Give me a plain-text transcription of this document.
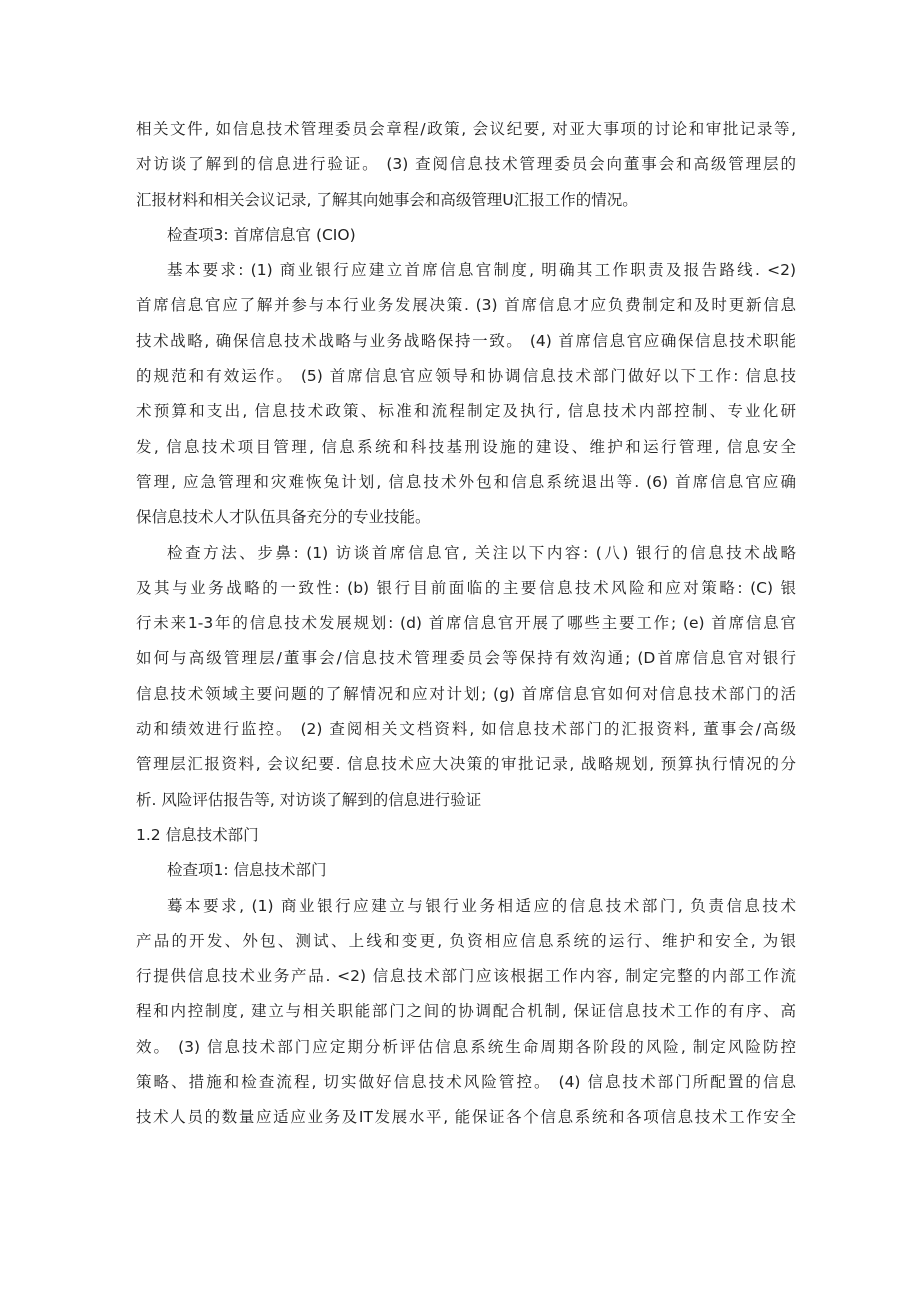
相关文件, 如信息技术管理委员会章程/政策, 会议纪要, 对亚大事项的讨论和审批记录等,
对访谈了解到的信息进行验证。 (3) 查阅信息技术管理委员会向董事会和高级管理层的
汇报材料和相关会议记录, 了解其向她事会和高级管理U汇报工作的情况。
检查项3: 首席信息官 (CIO)
基本要求: (1) 商业银行应建立首席信息官制度, 明确其工作职责及报告路线. <2)
首席信息官应了解并参与本行业务发展决策. (3) 首席信息才应负费制定和及时更新信息
技术战略, 确保信息技术战略与业务战略保持一致。 (4) 首席信息官应确保信息技术职能
的规范和有效运作。 (5) 首席信息官应领导和协调信息技术部门做好以下工作: 信息技
术预算和支出, 信息技术政策、标准和流程制定及执行, 信息技术内部控制、专业化研
发, 信息技术项目管理, 信息系统和科技基刑设施的建设、维护和运行管理, 信息安全
管理, 应急管理和灾难恢兔计划, 信息技术外包和信息系统退出等. (6) 首席信息官应确
保信息技术人才队伍具备充分的专业技能。
检查方法、步鼻: (1) 访谈首席信息官, 关注以下内容: (八) 银行的信息技术战略
及其与业务战略的一致性: (b) 银行目前面临的主要信息技术风险和应对策略: (C) 银
行未来1-3年的信息技术发展规划: (d) 首席信息官开展了哪些主要工作; (e) 首席信息官
如何与高级管理层/董事会/信息技术管理委员会等保持有效沟通; (D首席信息官对银行
信息技术领域主要问题的了解情况和应对计划; (g) 首席信息官如何对信息技术部门的活
动和绩效进行监控。 (2) 查阅相关文档资料, 如信息技术部门的汇报资料, 董事会/高级
管理层汇报资料, 会议纪要. 信息技术应大决策的审批记录, 战略规划, 预算执行情况的分
析. 风险评估报告等, 对访谈了解到的信息进行验证
1.2 信息技术部门
检查项1: 信息技术部门
蓦本要求, (1) 商业银行应建立与银行业务相适应的信息技术部门, 负责信息技术
产品的开发、外包、测试、上线和变更, 负资相应信息系统的运行、维护和安全, 为银
行提供信息技术业务产品. <2) 信息技术部门应该根据工作内容, 制定完整的内部工作流
程和内控制度, 建立与相关职能部门之间的协调配合机制, 保证信息技术工作的有序、高
效。 (3) 信息技术部门应定期分析评估信息系统生命周期各阶段的风险, 制定风险防控
策略、措施和检查流程, 切实做好信息技术风险管控。 (4) 信息技术部门所配置的信息
技术人员的数量应适应业务及IT发展水平, 能保证各个信息系统和各项信息技术工作安全
